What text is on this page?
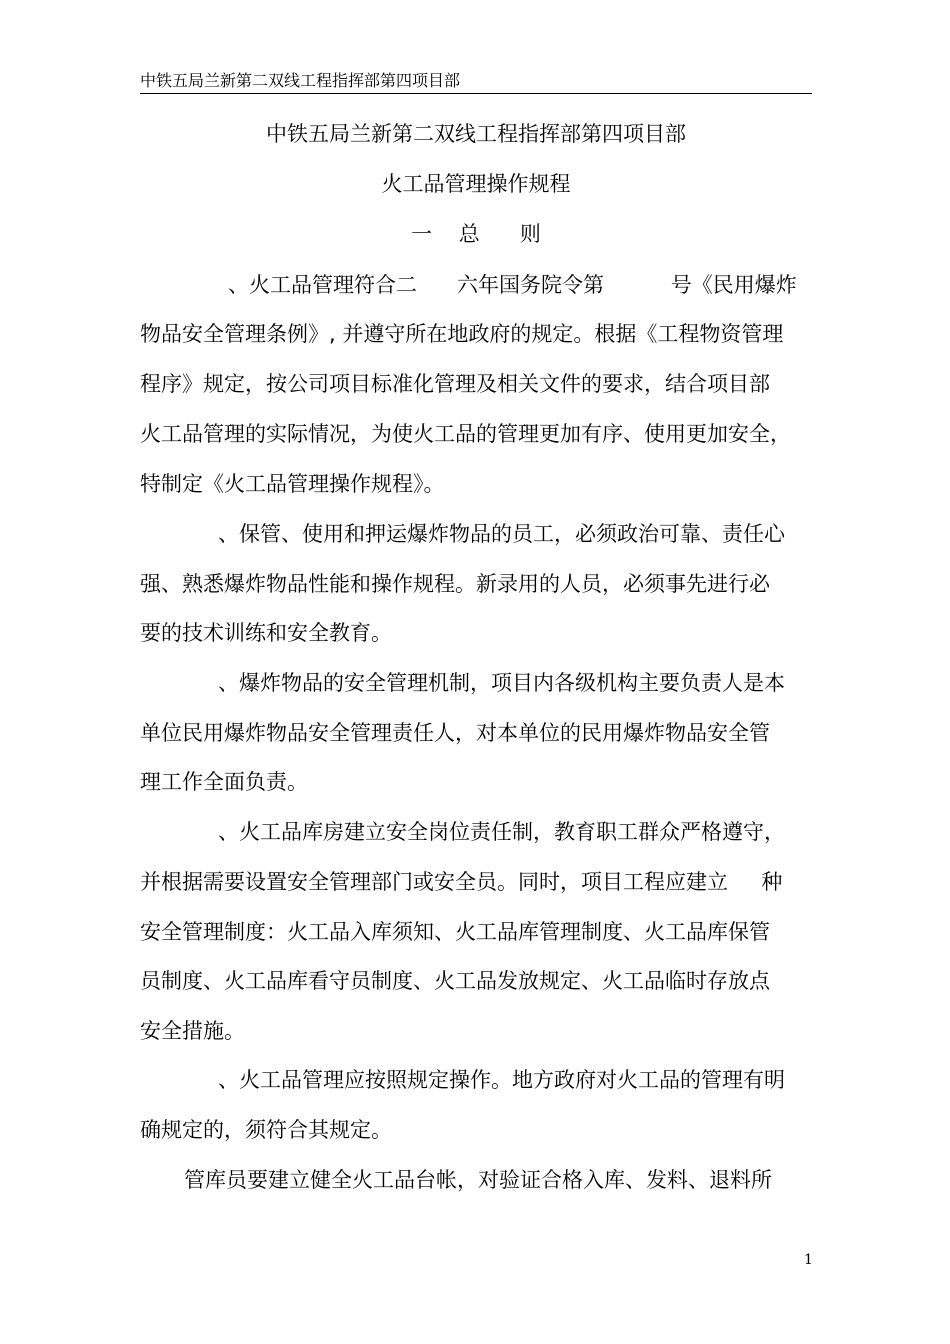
中铁五局兰新第二双线工程指挥部第四项目部
中铁五局兰新第二双线工程指挥部第四项目部
火工品管理操作规程
一    总      则
、火工品管理符合二      六年国务院令第          号《民用爆炸
物品安全管理条例》, 并遵守所在地政府的规定。根据《工程物资管理
程序》规定，按公司项目标准化管理及相关文件的要求，结合项目部
火工品管理的实际情况，为使火工品的管理更加有序、使用更加安全，
特制定《火工品管理操作规程》。
、保管、使用和押运爆炸物品的员工，必须政治可靠、责任心
强、熟悉爆炸物品性能和操作规程。新录用的人员，必须事先进行必
要的技术训练和安全教育。
、爆炸物品的安全管理机制，项目内各级机构主要负责人是本
单位民用爆炸物品安全管理责任人，对本单位的民用爆炸物品安全管
理工作全面负责。
、火工品库房建立安全岗位责任制，教育职工群众严格遵守，
并根据需要设置安全管理部门或安全员。同时，项目工程应建立     种
安全管理制度：火工品入库须知、火工品库管理制度、火工品库保管
员制度、火工品库看守员制度、火工品发放规定、火工品临时存放点
安全措施。
、火工品管理应按照规定操作。地方政府对火工品的管理有明
确规定的，须符合其规定。
管库员要建立健全火工品台帐，对验证合格入库、发料、退料所
1
